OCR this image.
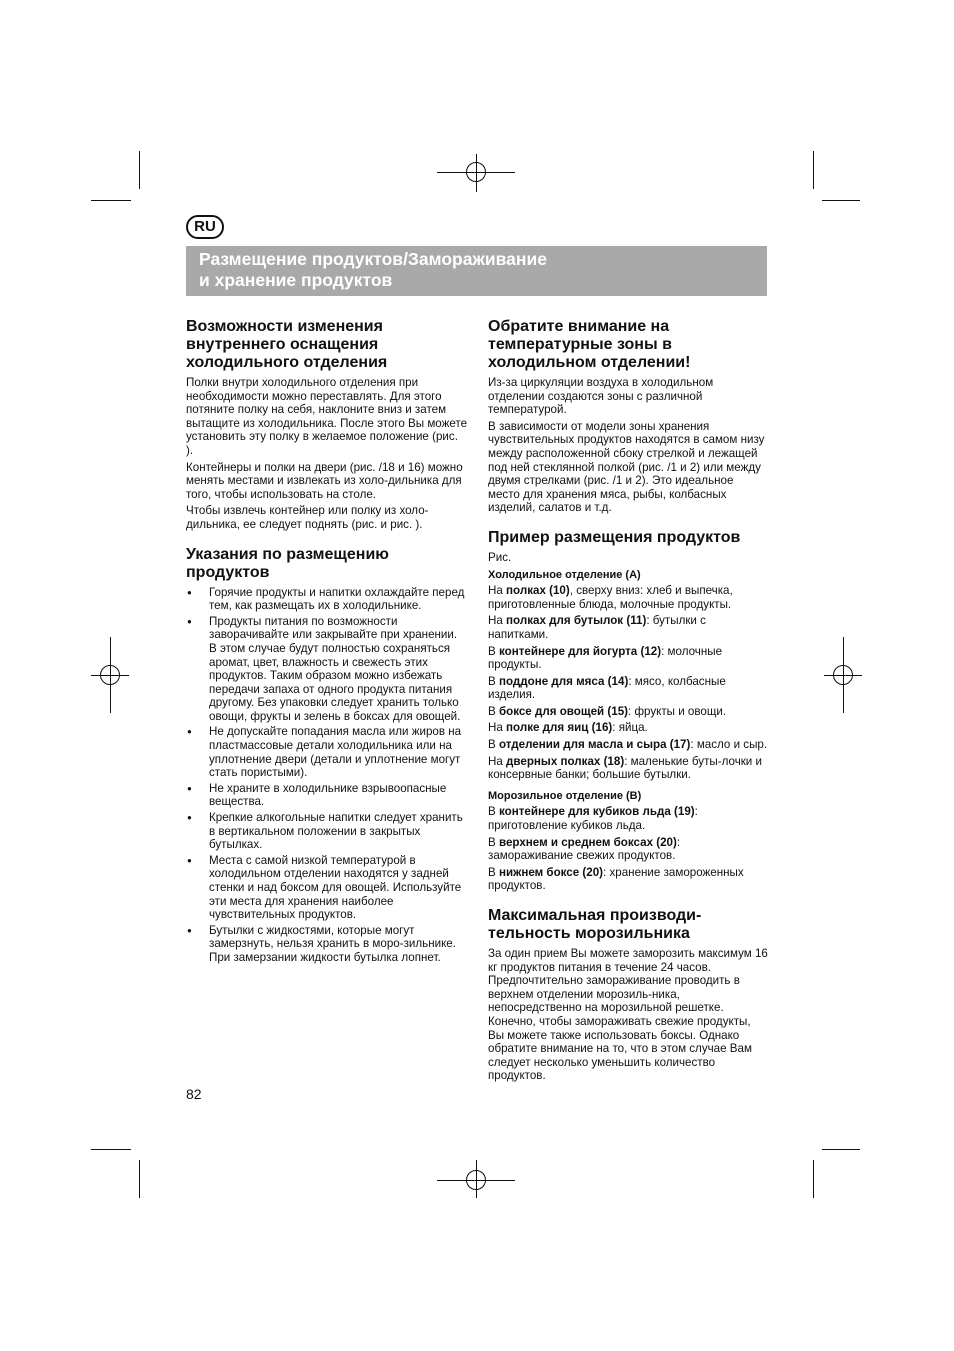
RU
Размещение продуктов/Замораживание
и хранение продуктов
Возможности изменения внутреннего оснащения холодильного отделения

Полки внутри холодильного отделения при необходимости можно переставлять. Для этого потяните полку на себя, наклоните вниз и затем вытащите из холодильника. После этого Вы можете установить эту полку в желаемое положение (рис. ).

Контейнеры и полки на двери (рис. /18 и 16) можно менять местами и извлекать из холо-дильника для того, чтобы использовать на столе.

Чтобы извлечь контейнер или полку из холо-дильника, ее следует поднять (рис. и рис. ).

Указания по размещению продуктов
● Горячие продукты и напитки охлаждайте перед тем, как размещать их в холодильнике.
● Продукты питания по возможности заворачивайте или закрывайте при хранении. В этом случае будут полностью сохраняться аромат, цвет, влажность и свежесть этих продуктов. Таким образом можно избежать передачи запаха от одного продукта питания другому. Без упаковки следует хранить только овощи, фрукты и зелень в боксах для овощей.
● Не допускайте попадания масла или жиров на пластмассовые детали холодильника или на уплотнение двери (детали и уплотнение могут стать пористыми).
● Не храните в холодильнике взрывоопасные вещества.
● Крепкие алкогольные напитки следует хранить в вертикальном положении в закрытых бутылках.
● Места с самой низкой температурой в холодильном отделении находятся у задней стенки и над боксом для овощей. Используйте эти места для хранения наиболее чувствительных продуктов.
● Бутылки с жидкостями, которые могут замерзнуть, нельзя хранить в моро-зильнике. При замерзании жидкости бутылка лопнет.
82
Обратите внимание на температурные зоны в холодильном отделении!

Из-за циркуляции воздуха в холодильном отделении создаются зоны с различной температурой.

В зависимости от модели зоны хранения чувствительных продуктов находятся в самом низу между расположенной сбоку стрелкой и лежащей под ней стеклянной полкой (рис. /1 и 2) или между двумя стрелками (рис. /1 и 2). Это идеальное место для хранения мяса, рыбы, колбасных изделий, салатов и т.д.

Пример размещения продуктов

Рис.

Холодильное отделение (A)

На полках (10), сверху вниз: хлеб и выпечка, приготовленные блюда, молочные продукты.

На полках для бутылок (11): бутылки с напитками.

В контейнере для йогурта (12): молочные продукты.

В поддоне для мяса (14): мясо, колбасные изделия.

В боксе для овощей (15): фрукты и овощи.

На полке для яиц (16): яйца.

В отделении для масла и сыра (17): масло и сыр.

На дверных полках (18): маленькие буты-лочки и консервные банки; большие бутылки.

Морозильное отделение (B)

В контейнере для кубиков льда (19): приготовление кубиков льда.

В верхнем и среднем боксах (20): замораживание свежих продуктов.

В нижнем боксе (20): хранение замороженных продуктов.

Максимальная производи-тельность морозильника

За один прием Вы можете заморозить максимум 16 кг продуктов питания в течение 24 часов. Предпочтительно замораживание проводить в верхнем отделении морозиль-ника, непосредственно на морозильной решетке. Конечно, чтобы замораживать свежие продукты, Вы можете также использовать боксы. Однако обратите внимание на то, что в этом случае Вам следует несколько уменьшить количество продуктов.
